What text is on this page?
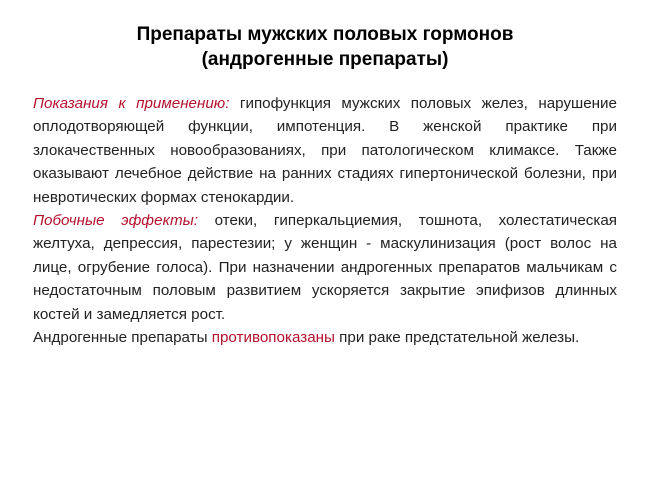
Препараты мужских половых гормонов
(андрогенные препараты)

Показания к применению: гипофункция мужских половых желез, нарушение оплодотворяющей функции, импотенция. В женской практике при злокачественных новообразованиях, при патологическом климаксе. Также оказывают лечебное действие на ранних стадиях гипертонической болезни, при невротических формах стенокардии.

Побочные эффекты: отеки, гиперкальциемия, тошнота, холестатическая желтуха, депрессия, парестезии; у женщин - маскулинизация (рост волос на лице, огрубение голоса). При назначении андрогенных препаратов мальчикам с недостаточным половым развитием ускоряется закрытие эпифизов длинных костей и замедляется рост.

Андрогенные препараты противопоказаны при раке предстательной железы.
